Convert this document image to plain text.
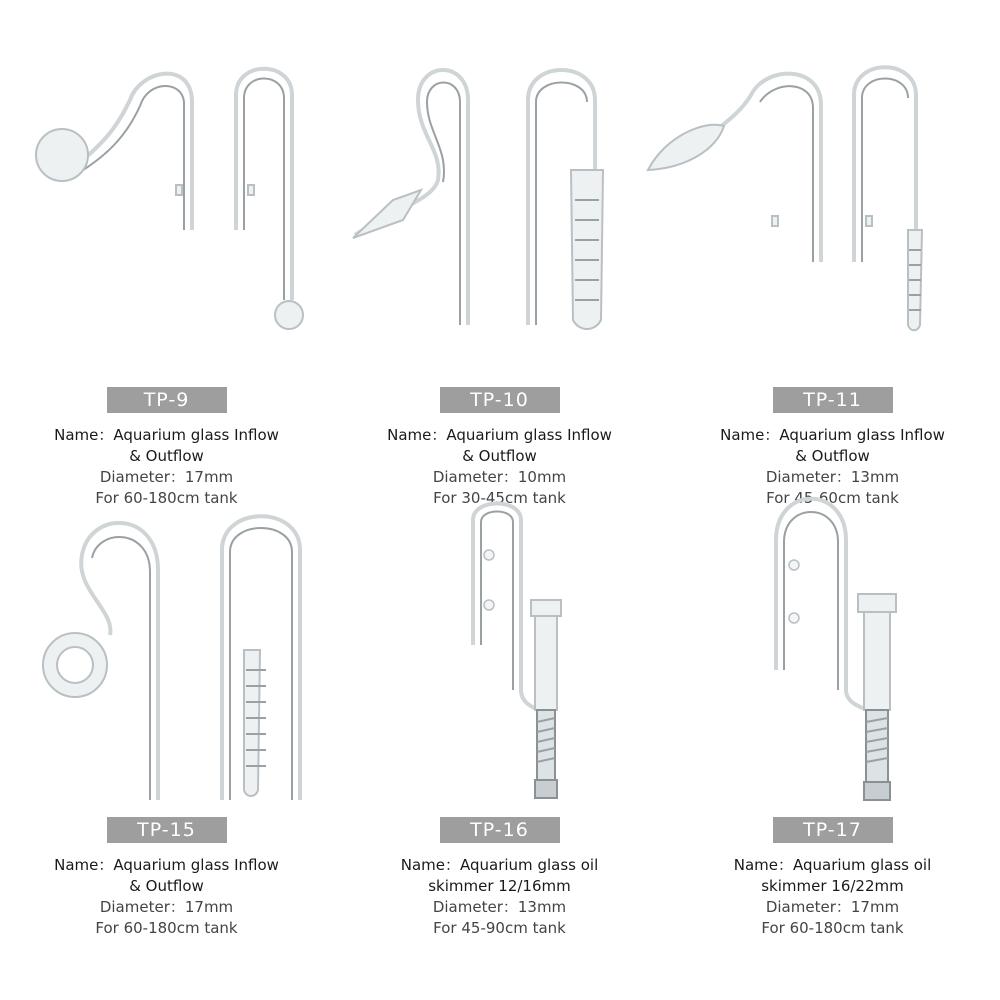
TP-9
Name：Aquarium glass Inflow
& Outflow
Diameter：17mm
For 60-180cm tank
TP-10
Name：Aquarium glass Inflow
& Outflow
Diameter：10mm
For 30-45cm tank
TP-11
Name：Aquarium glass Inflow
& Outflow
Diameter：13mm
For 45-60cm tank
TP-15
Name：Aquarium glass Inflow
& Outflow
Diameter：17mm
For 60-180cm tank
TP-16
Name：Aquarium glass oil
skimmer 12/16mm
Diameter：13mm
For 45-90cm tank
TP-17
Name：Aquarium glass oil
skimmer 16/22mm
Diameter：17mm
For 60-180cm tank
